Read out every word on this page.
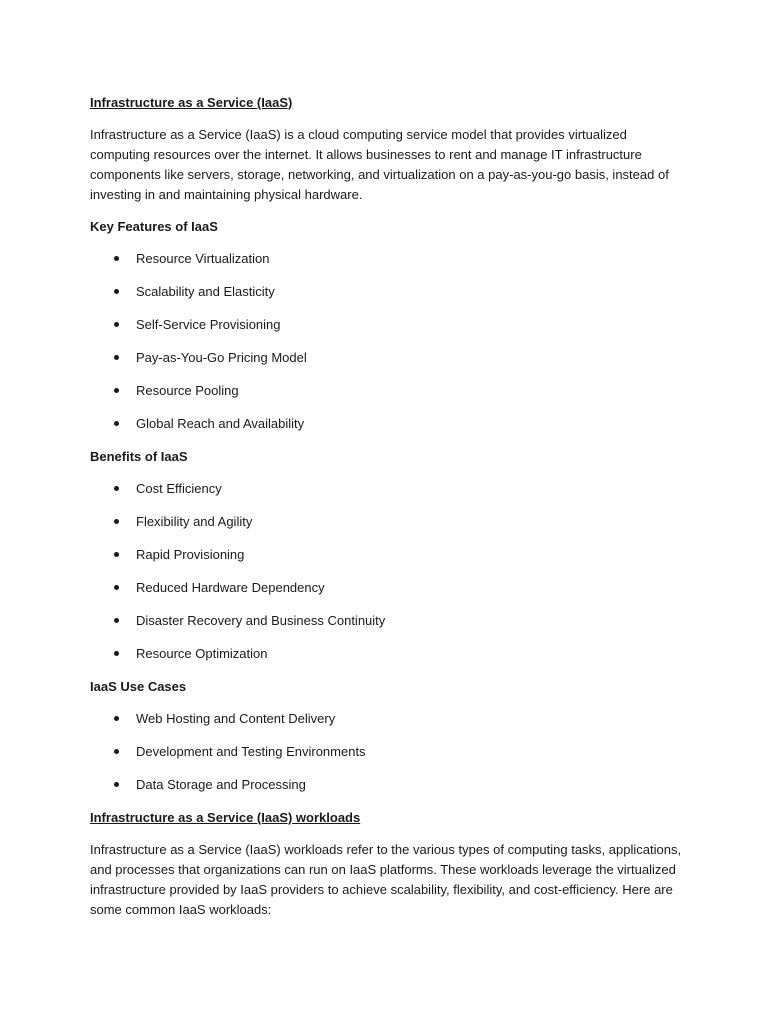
Infrastructure as a Service (IaaS)

Infrastructure as a Service (IaaS) is a cloud computing service model that provides virtualized computing resources over the internet. It allows businesses to rent and manage IT infrastructure components like servers, storage, networking, and virtualization on a pay-as-you-go basis, instead of investing in and maintaining physical hardware.

Key Features of IaaS
Resource Virtualization
Scalability and Elasticity
Self-Service Provisioning
Pay-as-You-Go Pricing Model
Resource Pooling
Global Reach and Availability
Benefits of IaaS
Cost Efficiency
Flexibility and Agility
Rapid Provisioning
Reduced Hardware Dependency
Disaster Recovery and Business Continuity
Resource Optimization
IaaS Use Cases
Web Hosting and Content Delivery
Development and Testing Environments
Data Storage and Processing
Infrastructure as a Service (IaaS) workloads

Infrastructure as a Service (IaaS) workloads refer to the various types of computing tasks, applications, and processes that organizations can run on IaaS platforms. These workloads leverage the virtualized infrastructure provided by IaaS providers to achieve scalability, flexibility, and cost-efficiency. Here are some common IaaS workloads:
